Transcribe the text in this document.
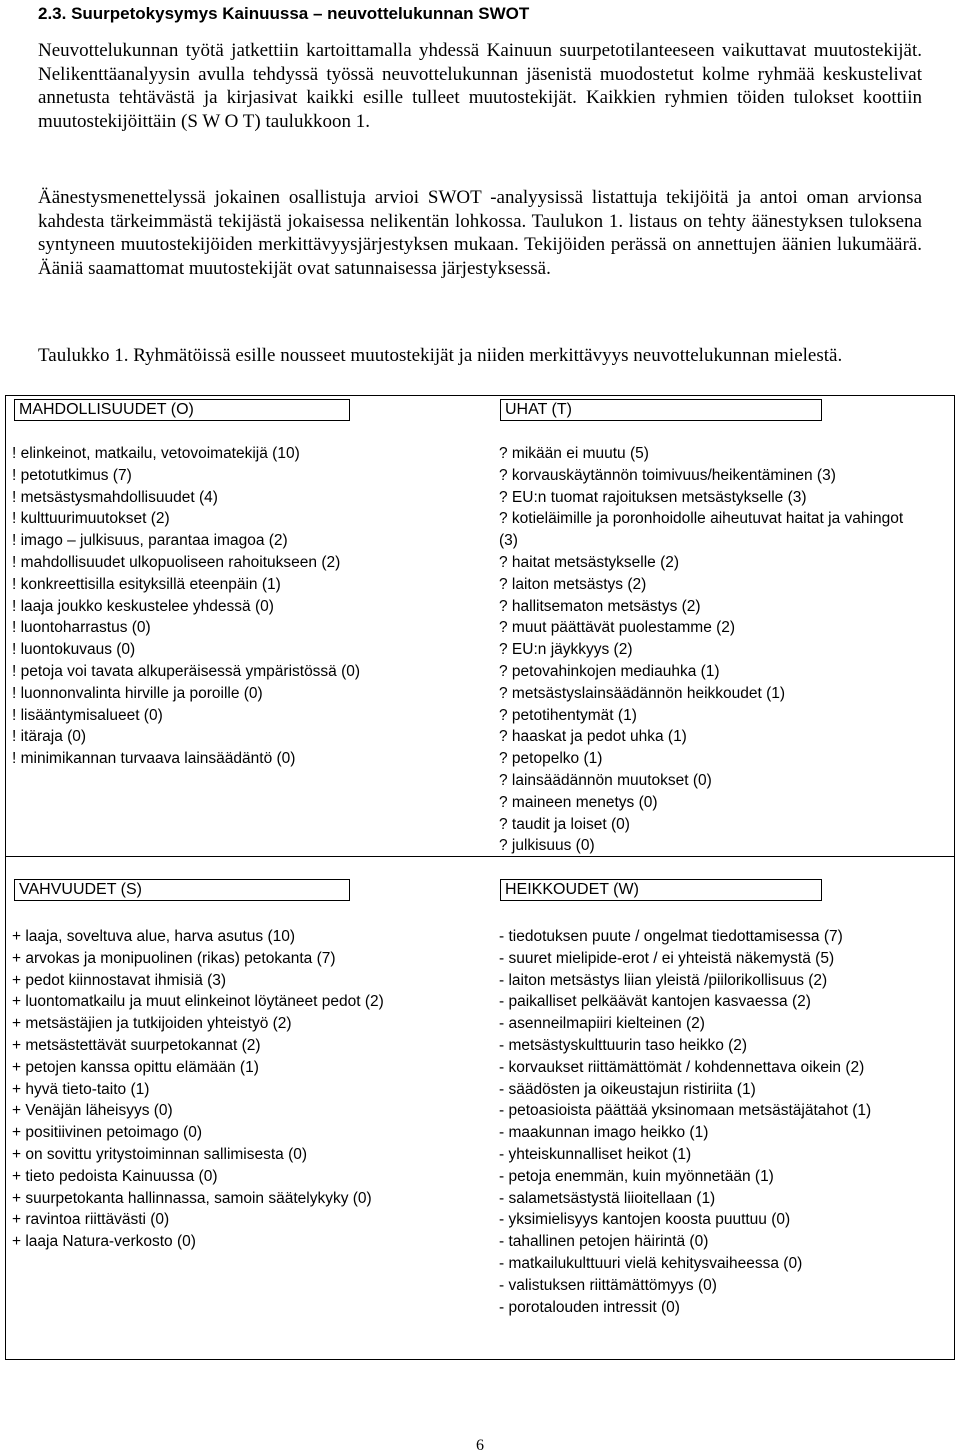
2.3. Suurpetokysymys Kainuussa – neuvottelukunnan SWOT
Neuvottelukunnan työtä jatkettiin kartoittamalla yhdessä Kainuun suurpetotilanteeseen vaikuttavat muutostekijät. Nelikenttäanalyysin avulla tehdyssä työssä neuvottelukunnan jäsenistä muodostetut kolme ryhmää keskustelivat annetusta tehtävästä ja kirjasivat kaikki esille tulleet muutostekijät. Kaikkien ryhmien töiden tulokset koottiin muutostekijöittäin (S W O T) taulukkoon 1.
Äänestysmenettelyssä jokainen osallistuja arvioi SWOT -analyysissä listattuja tekijöitä ja antoi oman arvionsa kahdesta tärkeimmästä tekijästä jokaisessa nelikentän lohkossa. Taulukon 1. listaus on tehty äänestyksen tuloksena syntyneen muutostekijöiden merkittävyysjärjestyksen mukaan. Tekijöiden perässä on annettujen äänien lukumäärä. Ääniä saamattomat muutostekijät ovat satunnaisessa järjestyksessä.
Taulukko 1. Ryhmätöissä esille nousseet muutostekijät ja niiden merkittävyys neuvottelukunnan mielestä.
MAHDOLLISUUDET (O)
! elinkeinot, matkailu, vetovoimatekijä (10)
! petotutkimus (7)
! metsästysmahdollisuudet (4)
! kulttuurimuutokset (2)
! imago – julkisuus, parantaa imagoa (2)
! mahdollisuudet ulkopuoliseen rahoitukseen (2)
! konkreettisilla esityksillä eteenpäin (1)
! laaja joukko keskustelee yhdessä (0)
! luontoharrastus (0)
! luontokuvaus (0)
! petoja voi tavata alkuperäisessä ympäristössä (0)
! luonnonvalinta hirville ja poroille (0)
! lisääntymisalueet (0)
! itäraja (0)
! minimikannan turvaava lainsäädäntö (0)
UHAT (T)
? mikään ei muutu (5)
? korvauskäytännön toimivuus/heikentäminen (3)
? EU:n tuomat rajoituksen metsästykselle (3)
? kotieläimille ja poronhoidolle aiheutuvat haitat ja vahingot (3)
? haitat metsästykselle (2)
? laiton metsästys (2)
? hallitsematon metsästys (2)
? muut päättävät puolestamme (2)
? EU:n jäykkyys (2)
? petovahinkojen mediauhka (1)
? metsästyslainsäädännön heikkoudet (1)
? petotihentymät (1)
? haaskat ja pedot uhka (1)
? petopelko (1)
? lainsäädännön muutokset (0)
? maineen menetys (0)
? taudit ja loiset (0)
? julkisuus (0)
VAHVUUDET (S)
+ laaja, soveltuva alue, harva asutus (10)
+ arvokas ja monipuolinen (rikas) petokanta (7)
+ pedot kiinnostavat ihmisiä (3)
+ luontomatkailu ja muut elinkeinot löytäneet pedot (2)
+ metsästäjien ja tutkijoiden yhteistyö (2)
+ metsästettävät suurpetokannat (2)
+ petojen kanssa opittu elämään (1)
+ hyvä tieto-taito (1)
+ Venäjän läheisyys (0)
+ positiivinen petoimago (0)
+ on sovittu yritystoiminnan sallimisesta (0)
+ tieto pedoista Kainuussa (0)
+ suurpetokanta hallinnassa, samoin säätelykyky (0)
+ ravintoa riittävästi (0)
+ laaja Natura-verkosto (0)
HEIKKOUDET (W)
- tiedotuksen puute / ongelmat tiedottamisessa (7)
- suuret mielipide-erot / ei yhteistä näkemystä (5)
- laiton metsästys liian yleistä /piilorikollisuus (2)
- paikalliset pelkäävät kantojen kasvaessa (2)
- asenneilmapiiri kielteinen (2)
- metsästyskulttuurin taso heikko (2)
- korvaukset riittämättömät / kohdennettava oikein (2)
- säädösten ja oikeustajun ristiriita (1)
- petoasioista päättää yksinomaan metsästäjätahot (1)
- maakunnan imago heikko (1)
- yhteiskunnalliset heikot (1)
- petoja enemmän, kuin myönnetään (1)
- salametsästystä liioitellaan (1)
- yksimielisyys kantojen koosta puuttuu (0)
- tahallinen petojen häirintä (0)
- matkailukulttuuri vielä kehitysvaiheessa (0)
- valistuksen riittämättömyys (0)
- porotalouden intressit (0)
6
